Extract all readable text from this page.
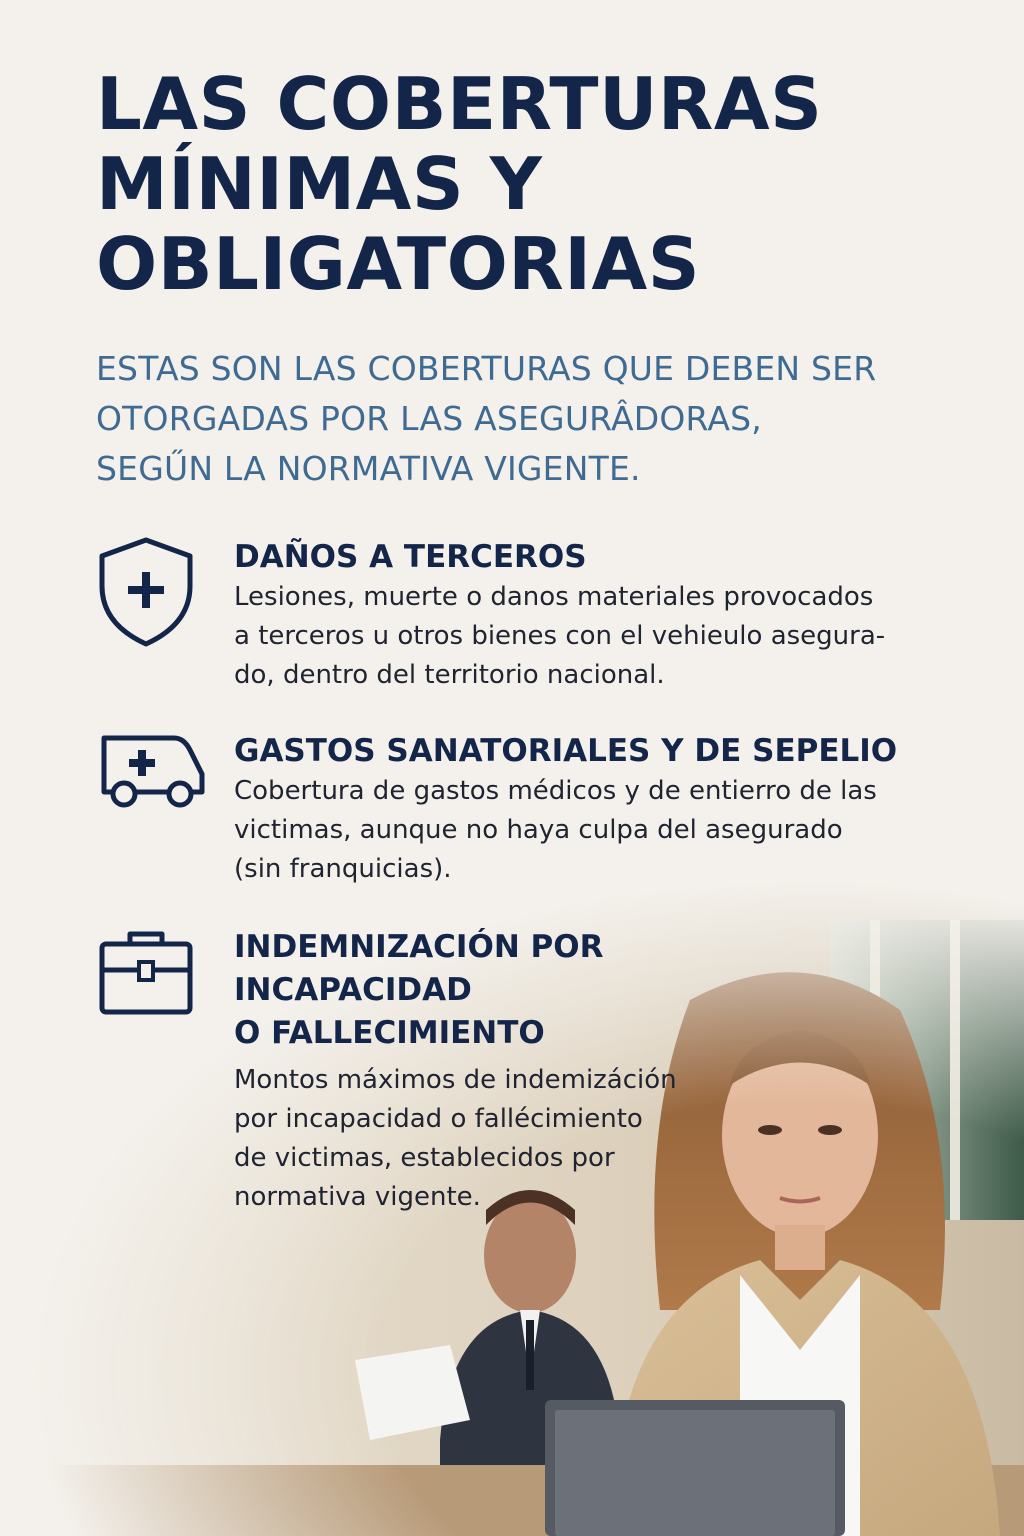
LAS COBERTURAS
MÍNIMAS Y
OBLIGATORIAS

ESTAS SON LAS COBERTURAS QUE DEBEN SER
OTORGADAS POR LAS ASEGURÂDORAS,
SEGŰN LA NORMATIVA VIGENTE.

DAÑOS A TERCEROS
Lesiones, muerte o danos materiales provocados
a terceros u otros bienes con el vehieulo asegura-
do, dentro del territorio nacional.
GASTOS SANATORIALES Y DE SEPELIO
Cobertura de gastos médicos y de entierro de las
victimas, aunque no haya culpa del asegurado
(sin franquicias).
INDEMNIZACIÓN POR
INCAPACIDAD
O FALLECIMIENTO
Montos máximos de indemizáción
por incapacidad o fallécimiento
de victimas, establecidos por
normativa vigente.
